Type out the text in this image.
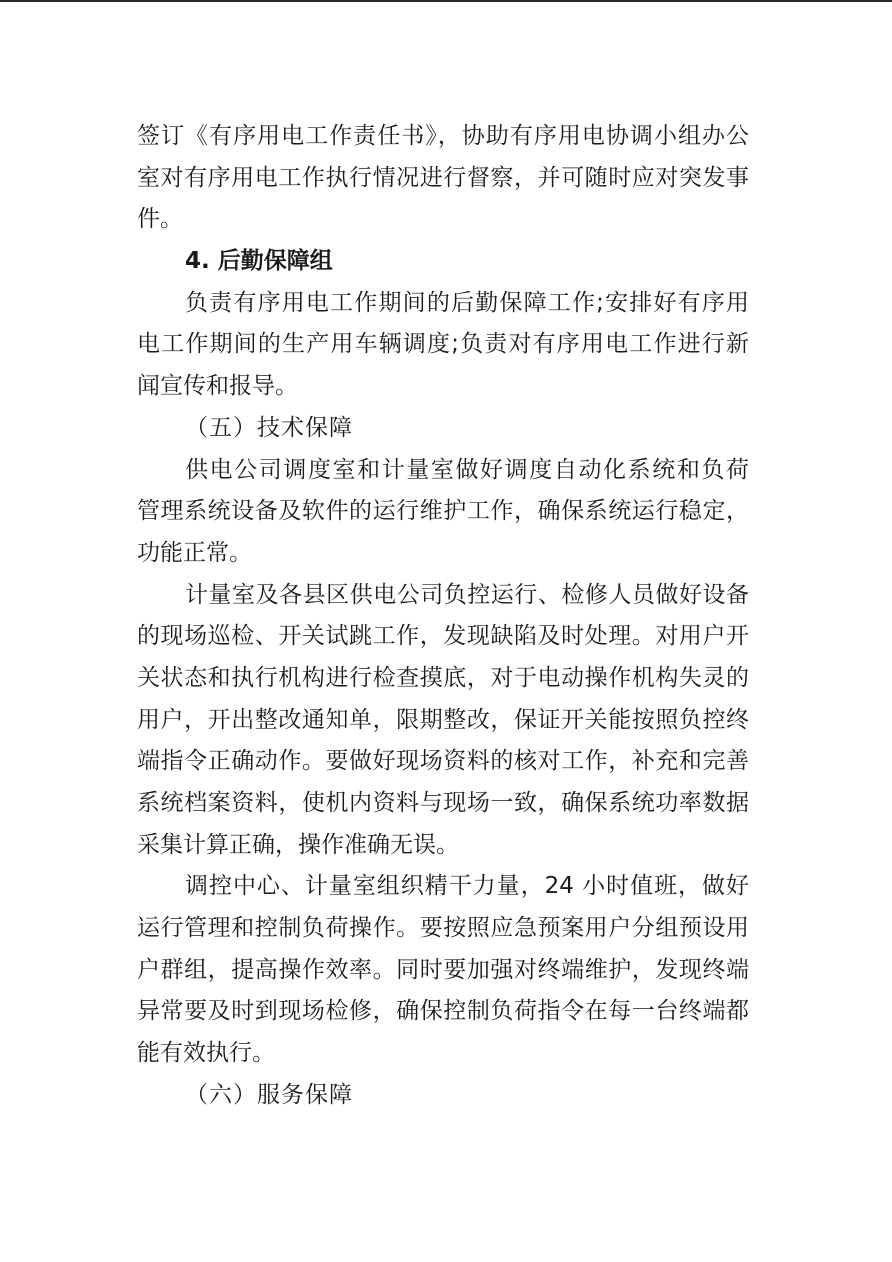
签订《有序用电工作责任书》，协助有序用电协调小组办公
室对有序用电工作执行情况进行督察，并可随时应对突发事
件。
4. 后勤保障组
负责有序用电工作期间的后勤保障工作;安排好有序用
电工作期间的生产用车辆调度;负责对有序用电工作进行新
闻宣传和报导。
（五）技术保障
供电公司调度室和计量室做好调度自动化系统和负荷
管理系统设备及软件的运行维护工作，确保系统运行稳定，
功能正常。
计量室及各县区供电公司负控运行、检修人员做好设备
的现场巡检、开关试跳工作，发现缺陷及时处理。对用户开
关状态和执行机构进行检查摸底，对于电动操作机构失灵的
用户，开出整改通知单，限期整改，保证开关能按照负控终
端指令正确动作。要做好现场资料的核对工作，补充和完善
系统档案资料，使机内资料与现场一致，确保系统功率数据
采集计算正确，操作准确无误。
调控中心、计量室组织精干力量，24 小时值班，做好
运行管理和控制负荷操作。要按照应急预案用户分组预设用
户群组，提高操作效率。同时要加强对终端维护，发现终端
异常要及时到现场检修，确保控制负荷指令在每一台终端都
能有效执行。
（六）服务保障
